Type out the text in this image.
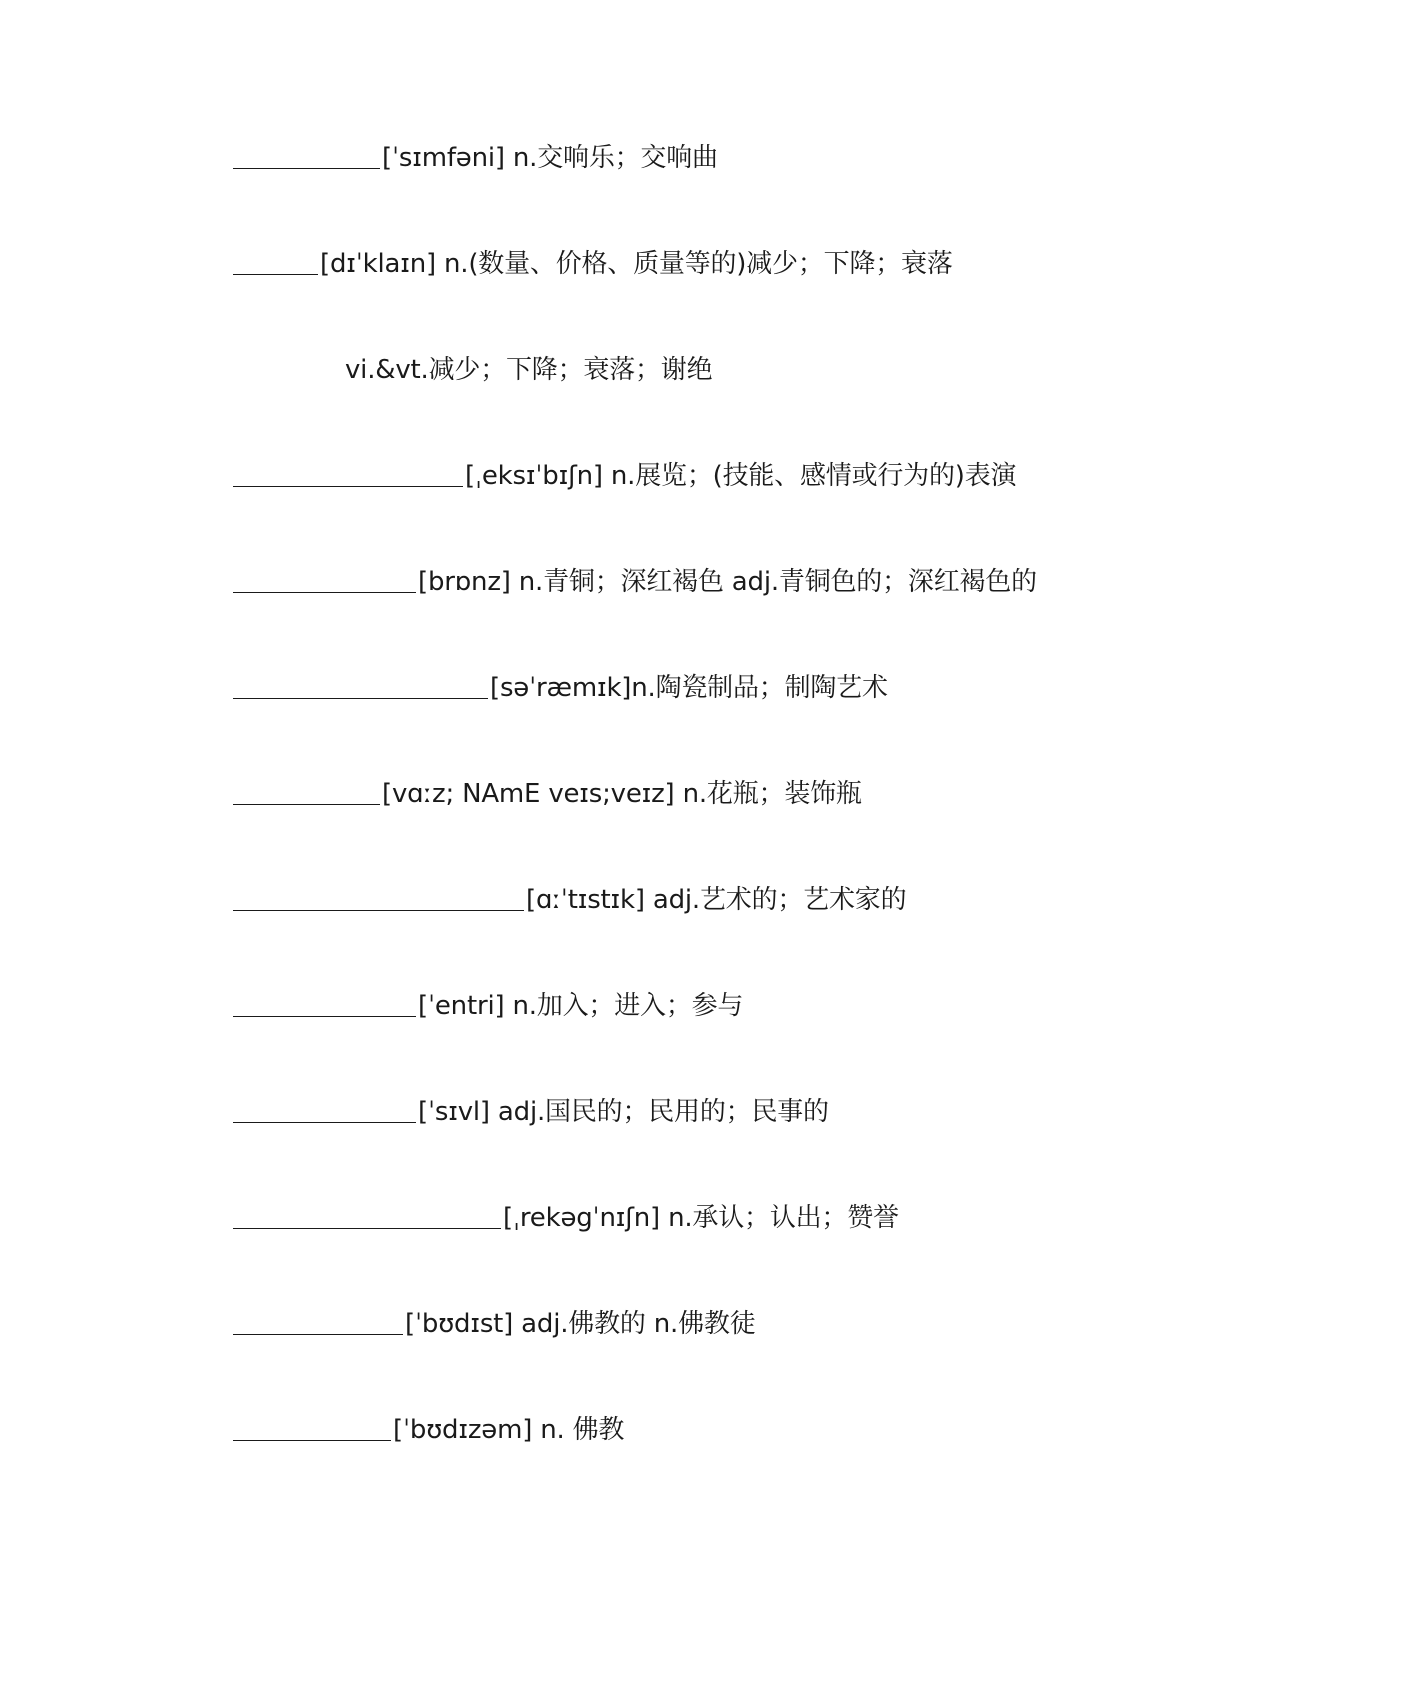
[ˈsɪmfəni] n.交响乐；交响曲
[dɪˈklaɪn] n.(数量、价格、质量等的)减少；下降；衰落
vi.&vt.减少；下降；衰落；谢绝
[ˌeksɪˈbɪʃn] n.展览；(技能、感情或行为的)表演
[brɒnz] n.青铜；深红褐色 adj.青铜色的；深红褐色的
[səˈræmɪk]n.陶瓷制品；制陶艺术
[vɑːz; NAmE veɪs;veɪz] n.花瓶；装饰瓶
[ɑːˈtɪstɪk] adj.艺术的；艺术家的
[ˈentri] n.加入；进入；参与
[ˈsɪvl] adj.国民的；民用的；民事的
[ˌrekəgˈnɪʃn] n.承认；认出；赞誉
[ˈbʊdɪst] adj.佛教的 n.佛教徒
[ˈbʊdɪzəm] n. 佛教
